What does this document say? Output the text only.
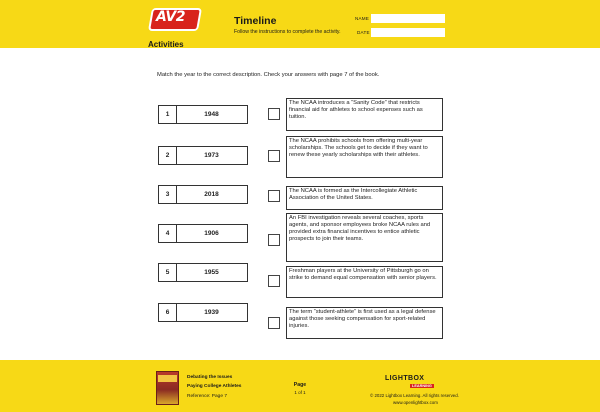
AV2
Activities
Timeline
Follow the instructions to complete the activity.
NAME
DATE
Match the year to the correct description. Check your answers with page 7 of the book.
1	1948
2	1973
3	2018
4	1906
5	1955
6	1939
The NCAA introduces a “Sanity Code” that restricts financial aid for athletes to school expenses such as tuition.
The NCAA prohibits schools from offering multi-year scholarships. The schools get to decide if they want to renew these yearly scholarships with their athletes.
The NCAA is formed as the Intercollegiate Athletic Association of the United States.
An FBI investigation reveals several coaches, sports agents, and sponsor employees broke NCAA rules and provided extra financial incentives to entice athletic prospects to join their teams.
Freshman players at the University of Pittsburgh go on strike to demand equal compensation with senior players.
The term “student-athlete” is first used as a legal defense against those seeking compensation for sport-related injuries.
Debating the Issues
Paying College Athletes
Reference: Page 7
Page
1 of 1
LIGHTBOX
LEARNING
© 2022 Lightbox Learning. All rights reserved.
www.openlightbox.com
